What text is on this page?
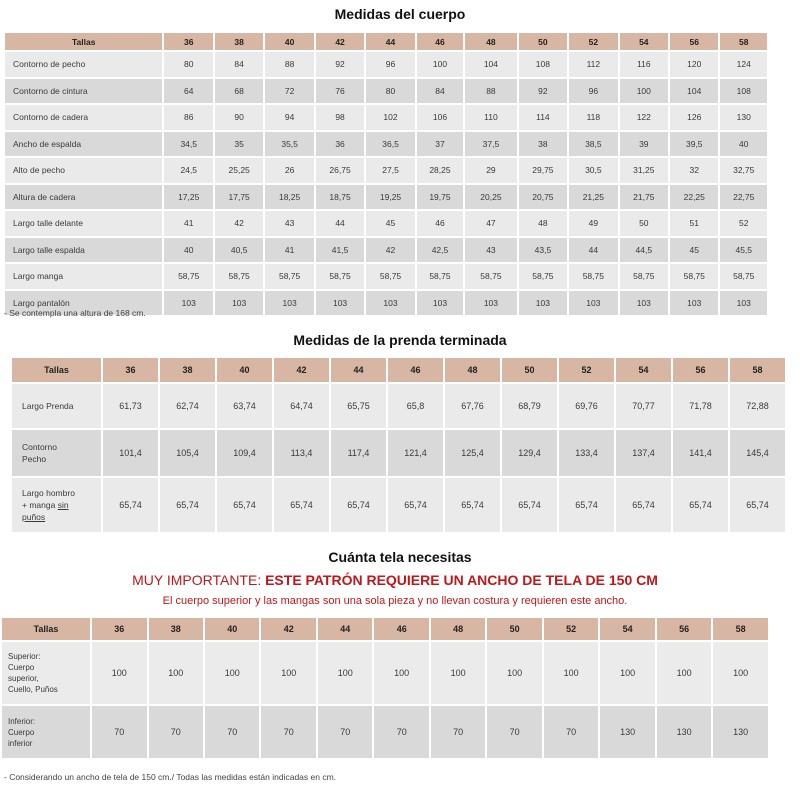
Medidas del cuerpo
Tallas	36	38	40	42	44	46	48	50	52	54	56	58
Contorno de pecho	80	84	88	92	96	100	104	108	112	116	120	124
Contorno de cintura	64	68	72	76	80	84	88	92	96	100	104	108
Contorno de cadera	86	90	94	98	102	106	110	114	118	122	126	130
Ancho de espalda	34,5	35	35,5	36	36,5	37	37,5	38	38,5	39	39,5	40
Alto de pecho	24,5	25,25	26	26,75	27,5	28,25	29	29,75	30,5	31,25	32	32,75
Altura de cadera	17,25	17,75	18,25	18,75	19,25	19,75	20,25	20,75	21,25	21,75	22,25	22,75
Largo talle delante	41	42	43	44	45	46	47	48	49	50	51	52
Largo talle espalda	40	40,5	41	41,5	42	42,5	43	43,5	44	44,5	45	45,5
Largo manga	58,75	58,75	58,75	58,75	58,75	58,75	58,75	58,75	58,75	58,75	58,75	58,75
Largo pantalón	103	103	103	103	103	103	103	103	103	103	103	103
- Se contempla una altura de 168 cm.
Medidas de la prenda terminada
Tallas	36	38	40	42	44	46	48	50	52	54	56	58
Largo Prenda	61,73	62,74	63,74	64,74	65,75	65,8	67,76	68,79	69,76	70,77	71,78	72,88
Contorno
Pecho	101,4	105,4	109,4	113,4	117,4	121,4	125,4	129,4	133,4	137,4	141,4	145,4
Largo hombro
+ manga sin
puños	65,74	65,74	65,74	65,74	65,74	65,74	65,74	65,74	65,74	65,74	65,74	65,74
Cuánta tela necesitas
MUY IMPORTANTE: ESTE PATRÓN REQUIERE UN ANCHO DE TELA DE 150 CM
El cuerpo superior y las mangas son una sola pieza y no llevan costura y requieren este ancho.
Tallas	36	38	40	42	44	46	48	50	52	54	56	58
Superior:
Cuerpo
superior,
Cuello, Puños	100	100	100	100	100	100	100	100	100	100	100	100
Inferior:
Cuerpo
inferior	70	70	70	70	70	70	70	70	70	130	130	130
- Considerando un ancho de tela de 150 cm./ Todas las medidas están indicadas en cm.
